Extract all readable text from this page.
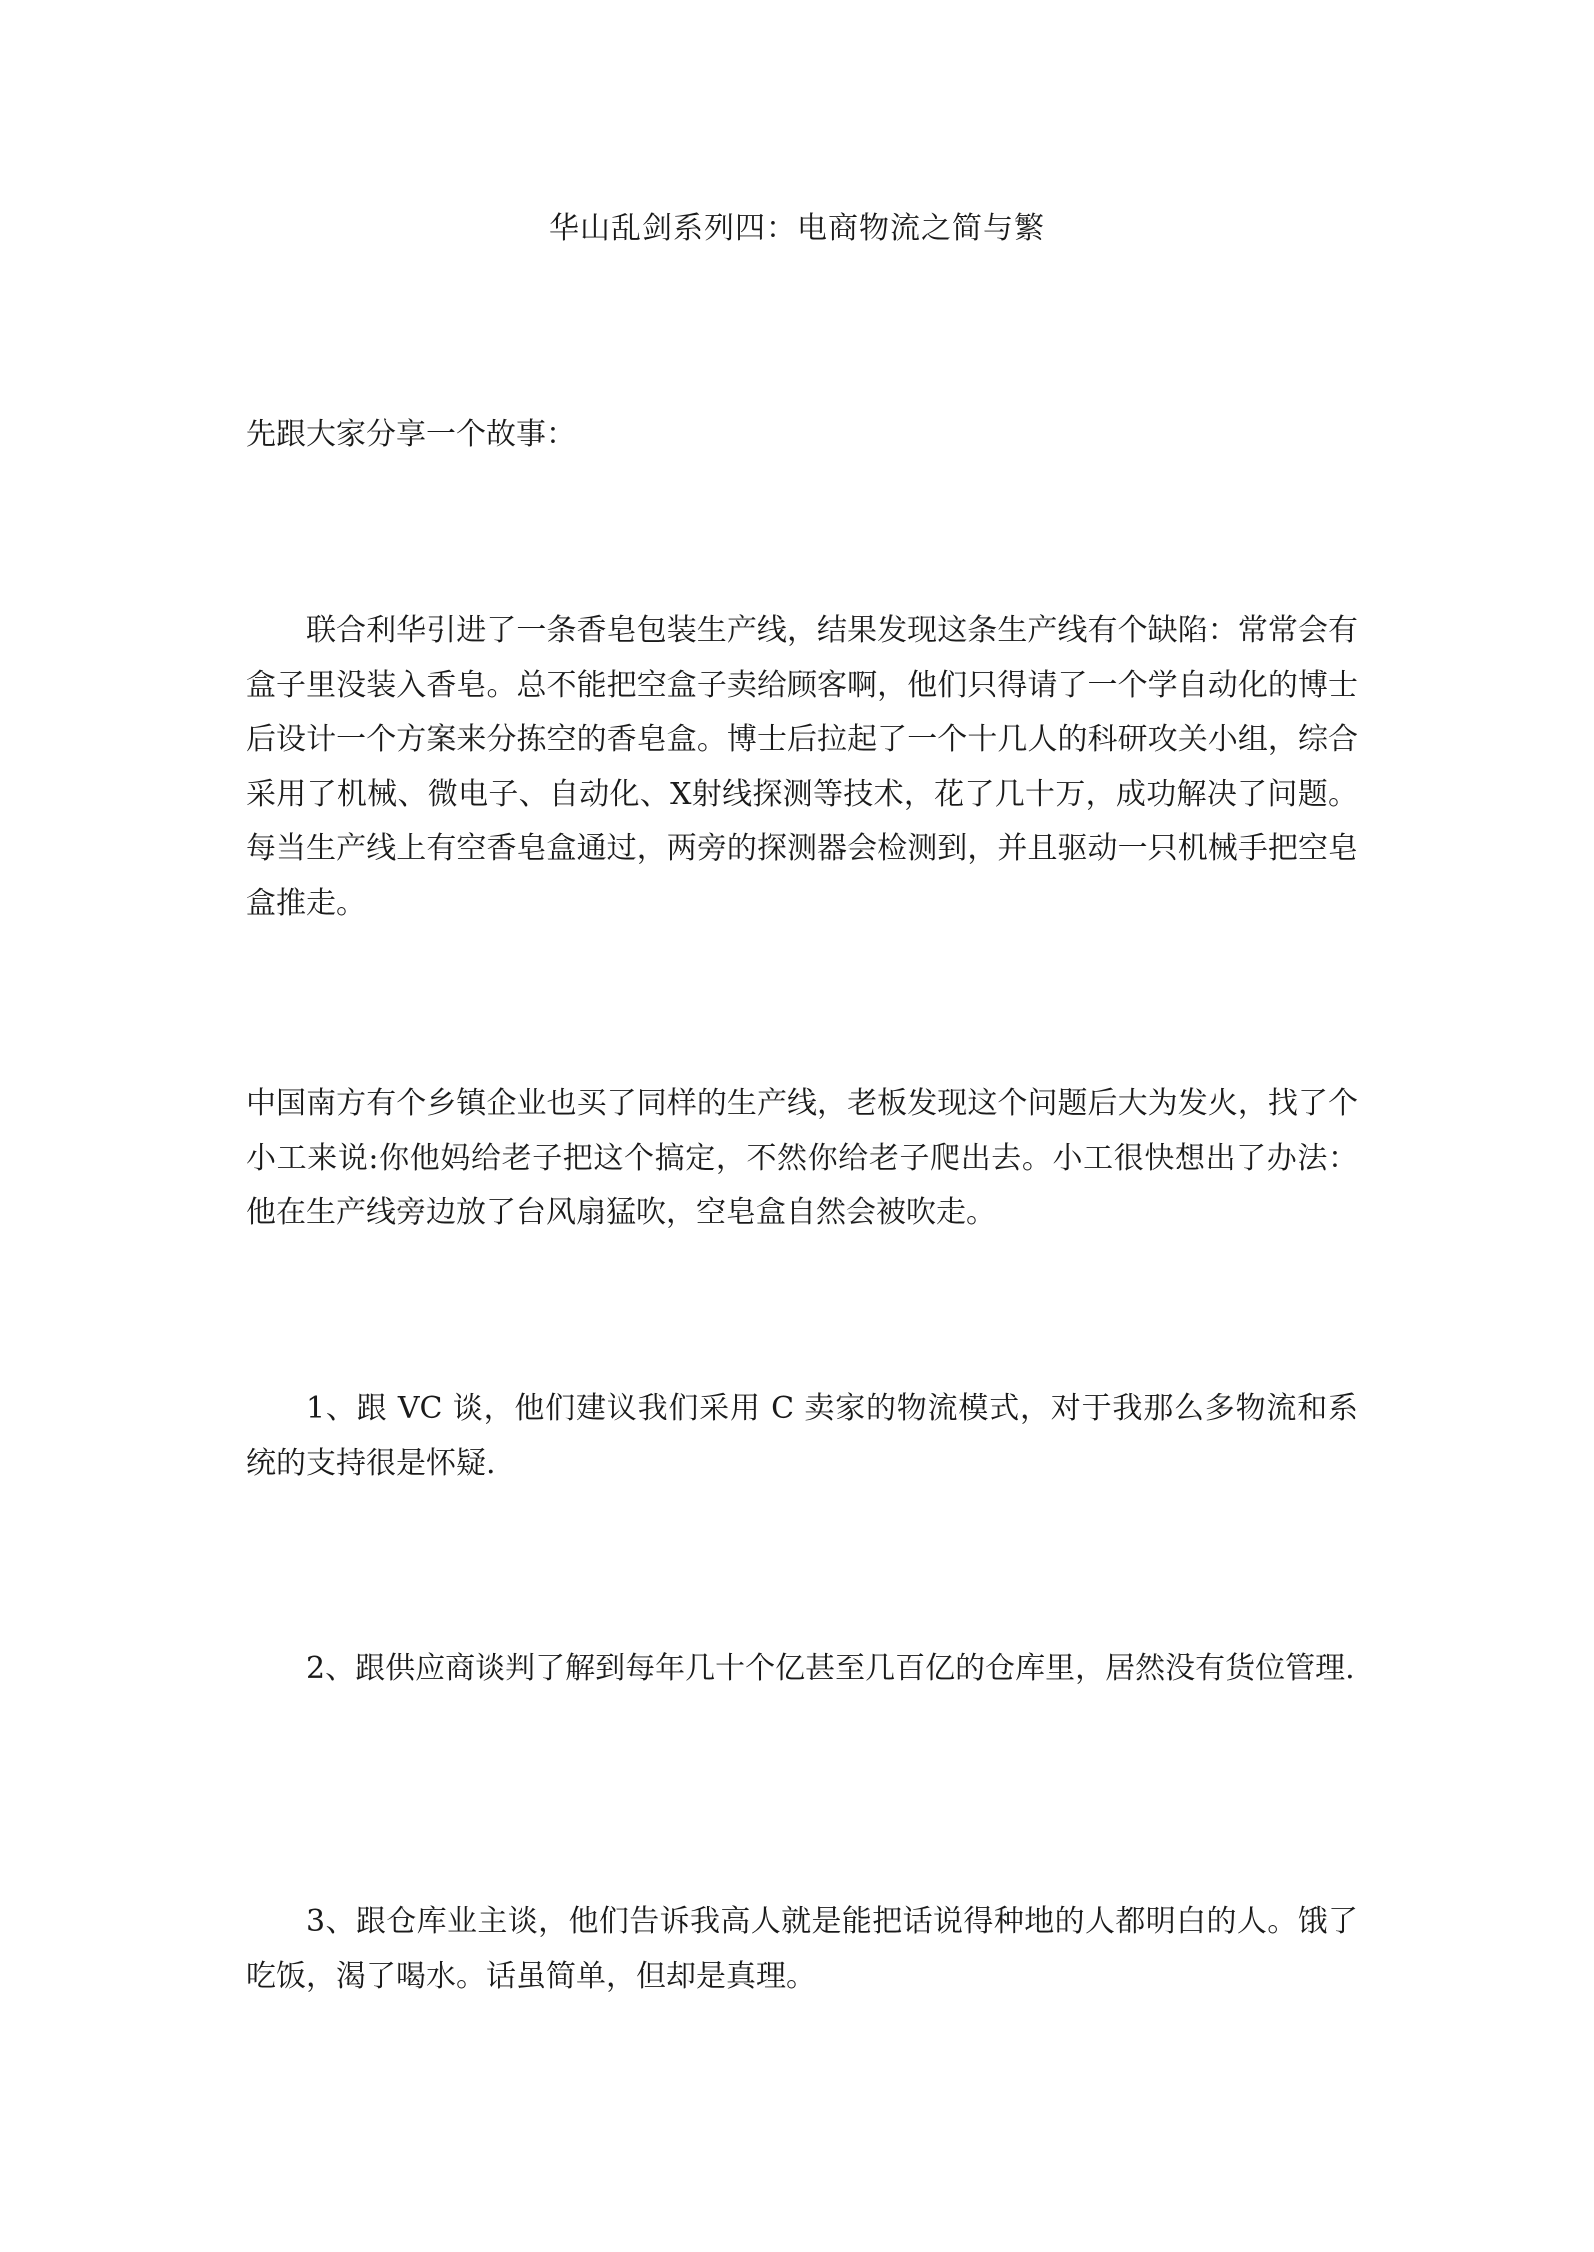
华山乱剑系列四：电商物流之简与繁

先跟大家分享一个故事：

联合利华引进了一条香皂包装生产线，结果发现这条生产线有个缺陷：常常会有盒子里没装入香皂。总不能把空盒子卖给顾客啊，他们只得请了一个学自动化的博士后设计一个方案来分拣空的香皂盒。博士后拉起了一个十几人的科研攻关小组，综合采用了机械、微电子、自动化、X射线探测等技术，花了几十万，成功解决了问题。每当生产线上有空香皂盒通过，两旁的探测器会检测到，并且驱动一只机械手把空皂盒推走。

中国南方有个乡镇企业也买了同样的生产线，老板发现这个问题后大为发火，找了个小工来说:你他妈给老子把这个搞定，不然你给老子爬出去。小工很快想出了办法：他在生产线旁边放了台风扇猛吹，空皂盒自然会被吹走。

1、跟 VC 谈，他们建议我们采用 C 卖家的物流模式，对于我那么多物流和系统的支持很是怀疑.

2、跟供应商谈判了解到每年几十个亿甚至几百亿的仓库里，居然没有货位管理.

3、跟仓库业主谈，他们告诉我高人就是能把话说得种地的人都明白的人。饿了吃饭，渴了喝水。话虽简单，但却是真理。
